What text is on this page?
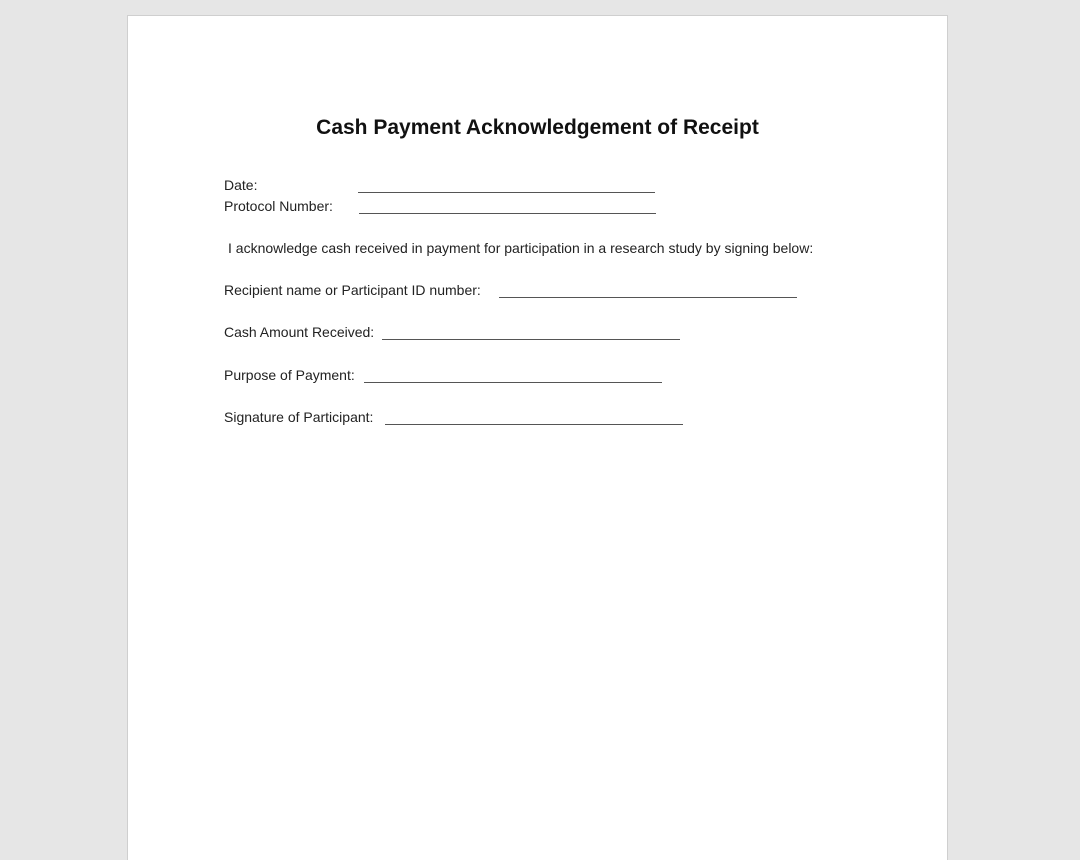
Cash Payment Acknowledgement of Receipt
Date:
Protocol Number:
I acknowledge cash received in payment for participation in a research study by signing below:
Recipient name or Participant ID number:
Cash Amount Received:
Purpose of Payment:
Signature of Participant:
